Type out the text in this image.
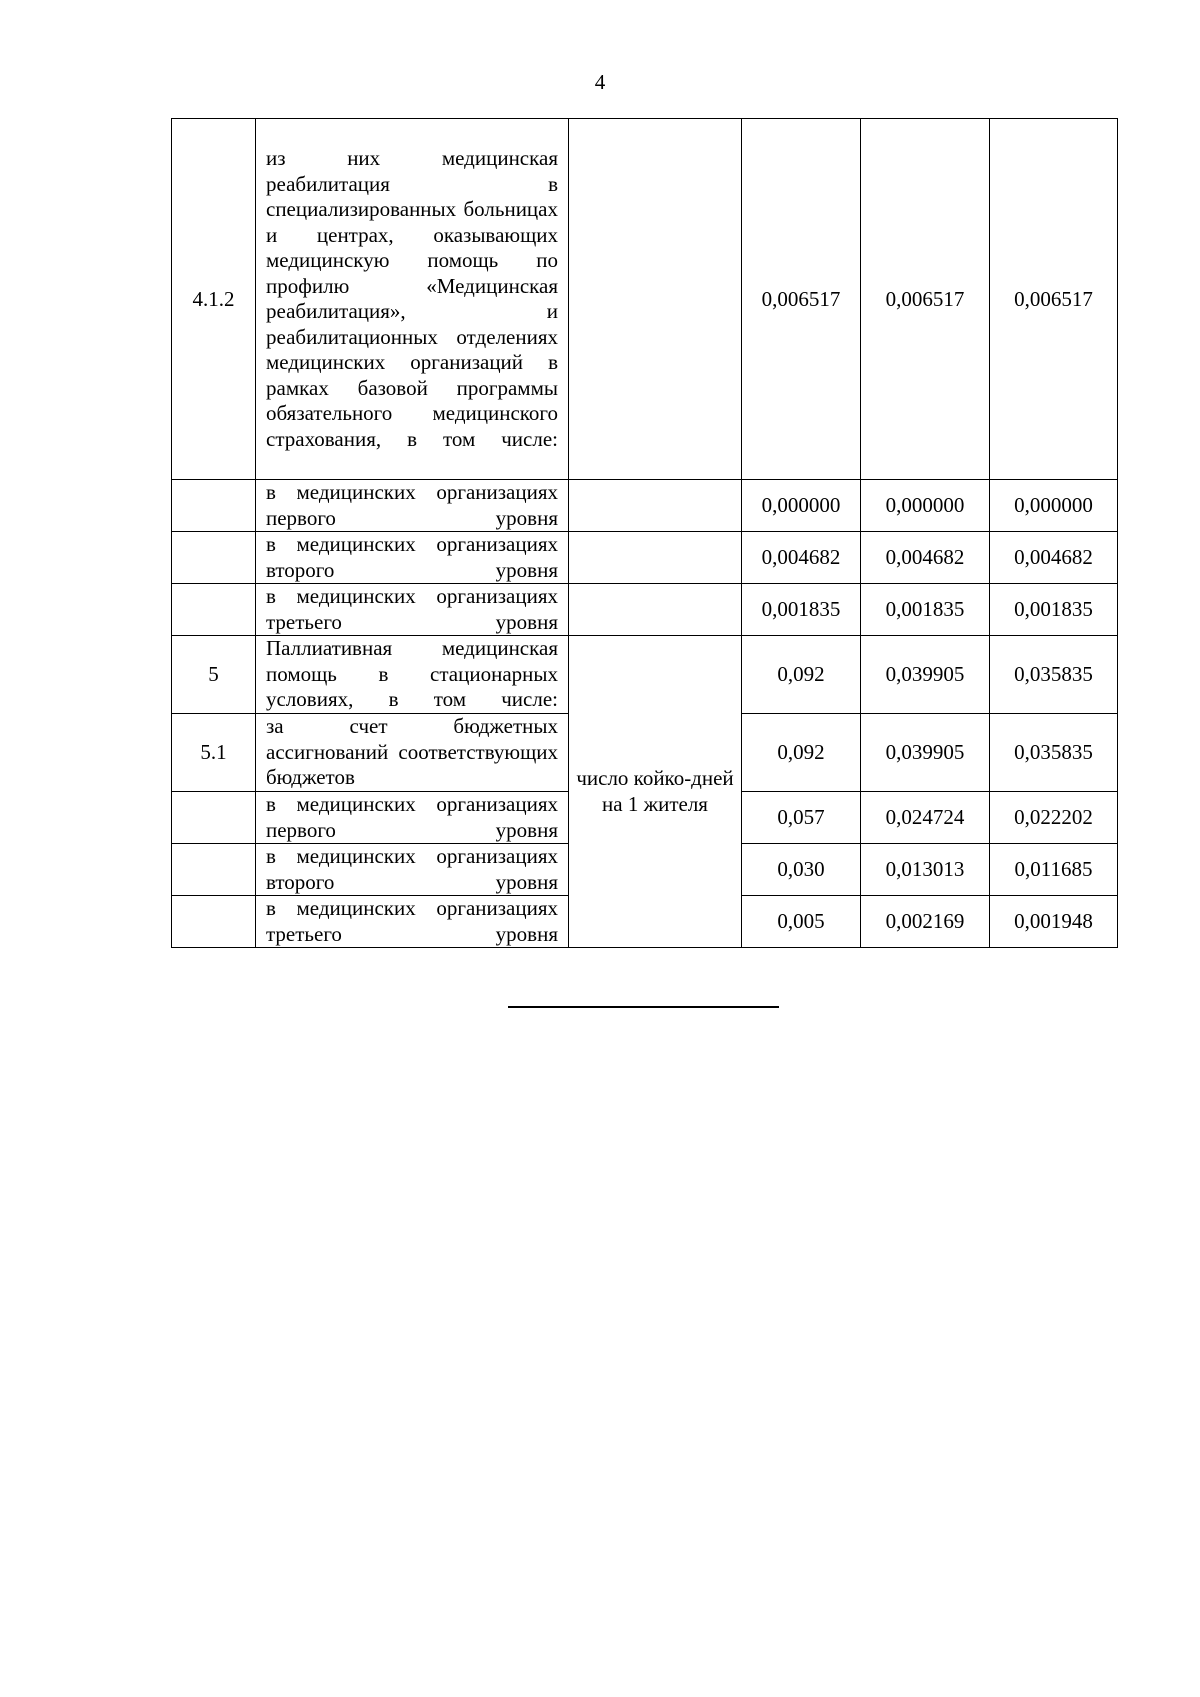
4
4.1.2	из них медицинская реабилитация в специализированных больницах и центрах, оказывающих медицинскую помощь по профилю «Медицинская реабилитация», и реабилитационных отделениях медицинских организаций в рамках базовой программы обязательного медицинского страхования, в том числе:		0,006517	0,006517	0,006517

	в медицинских организациях первого уровня		0,000000	0,000000	0,000000

	в медицинских организациях второго уровня		0,004682	0,004682	0,004682

	в медицинских организациях третьего уровня		0,001835	0,001835	0,001835
5	Паллиативная медицинская помощь в стационарных условиях, в том числе:	число койко-дней на 1 жителя	0,092	0,039905	0,035835
5.1	за счет бюджетных ассигнований соответствующих бюджетов		0,092	0,039905	0,035835

	в медицинских организациях первого уровня		0,057	0,024724	0,022202

	в медицинских организациях второго уровня		0,030	0,013013	0,011685

	в медицинских организациях третьего уровня		0,005	0,002169	0,001948
